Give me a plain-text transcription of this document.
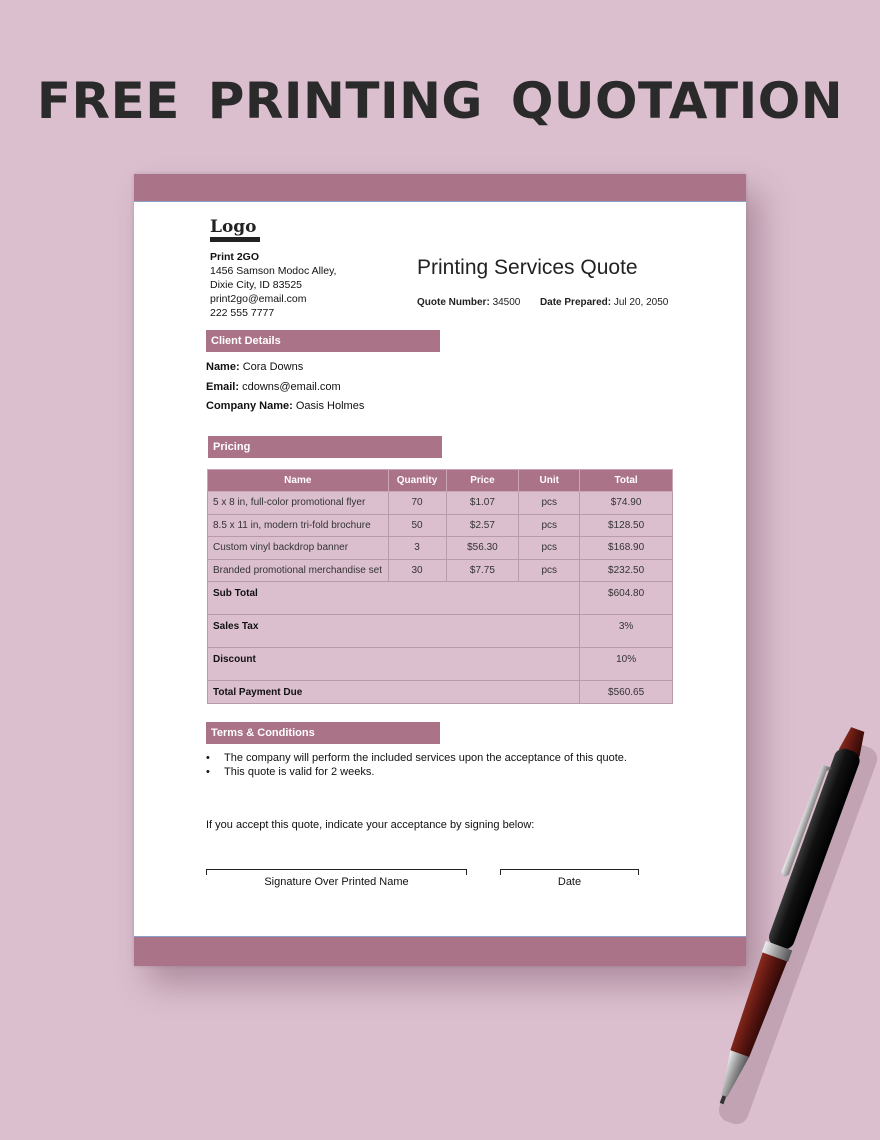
FREE PRINTING QUOTATION
Logo
Print 2GO
1456 Samson Modoc Alley,
Dixie City, ID 83525
print2go@email.com
222 555 7777
Printing Services Quote
Quote Number: 34500 Date Prepared: Jul 20, 2050
Client Details
Name: Cora Downs
Email: cdowns@email.com
Company Name: Oasis Holmes
Pricing
Name	Quantity	Price	Unit	Total
5 x 8 in, full-color promotional flyer	70	$1.07	pcs	$74.90
8.5 x 11 in, modern tri-fold brochure	50	$2.57	pcs	$128.50
Custom vinyl backdrop banner	3	$56.30	pcs	$168.90
Branded promotional merchandise set	30	$7.75	pcs	$232.50
Sub Total				$604.80
Sales Tax				3%
Discount				10%
Total Payment Due				$560.65
Terms & Conditions
• The company will perform the included services upon the acceptance of this quote.
• This quote is valid for 2 weeks.
If you accept this quote, indicate your acceptance by signing below:
Signature Over Printed Name	Date
